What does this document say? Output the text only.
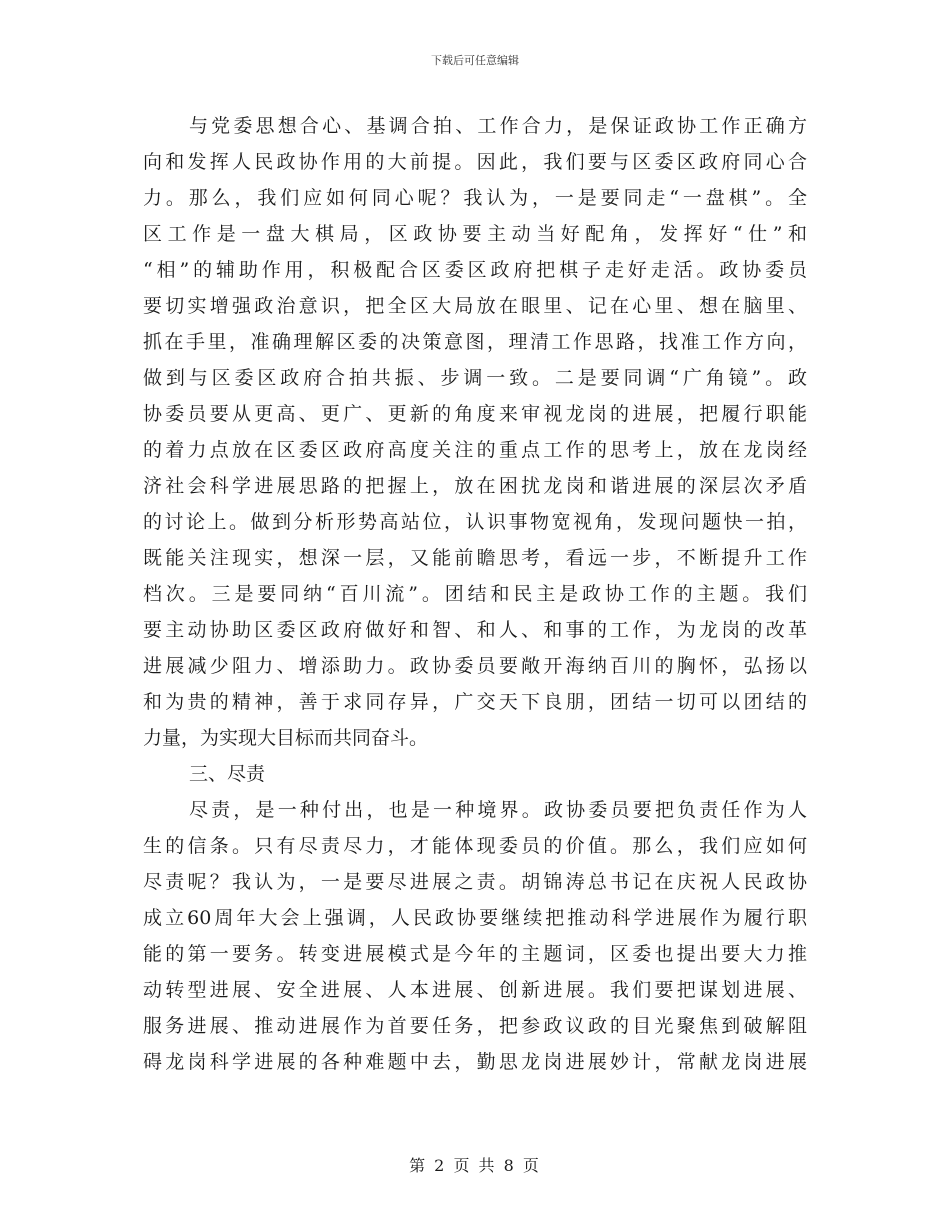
下载后可任意编辑
与党委思想合心、基调合拍、工作合力，是保证政协工作正确方
向和发挥人民政协作用的大前提。因此，我们要与区委区政府同心合
力。那么，我们应如何同心呢？我认为，一是要同走“一盘棋”。全
区工作是一盘大棋局，区政协要主动当好配角，发挥好“仕”和
“相”的辅助作用，积极配合区委区政府把棋子走好走活。政协委员
要切实增强政治意识，把全区大局放在眼里、记在心里、想在脑里、
抓在手里，准确理解区委的决策意图，理清工作思路，找准工作方向，
做到与区委区政府合拍共振、步调一致。二是要同调“广角镜”。政
协委员要从更高、更广、更新的角度来审视龙岗的进展，把履行职能
的着力点放在区委区政府高度关注的重点工作的思考上，放在龙岗经
济社会科学进展思路的把握上，放在困扰龙岗和谐进展的深层次矛盾
的讨论上。做到分析形势高站位，认识事物宽视角，发现问题快一拍，
既能关注现实，想深一层，又能前瞻思考，看远一步，不断提升工作
档次。三是要同纳“百川流”。团结和民主是政协工作的主题。我们
要主动协助区委区政府做好和智、和人、和事的工作，为龙岗的改革
进展减少阻力、增添助力。政协委员要敞开海纳百川的胸怀，弘扬以
和为贵的精神，善于求同存异，广交天下良朋，团结一切可以团结的
力量，为实现大目标而共同奋斗。
三、尽责
尽责，是一种付出，也是一种境界。政协委员要把负责任作为人
生的信条。只有尽责尽力，才能体现委员的价值。那么，我们应如何
尽责呢？我认为，一是要尽进展之责。胡锦涛总书记在庆祝人民政协
成立60周年大会上强调，人民政协要继续把推动科学进展作为履行职
能的第一要务。转变进展模式是今年的主题词，区委也提出要大力推
动转型进展、安全进展、人本进展、创新进展。我们要把谋划进展、
服务进展、推动进展作为首要任务，把参政议政的目光聚焦到破解阻
碍龙岗科学进展的各种难题中去，勤思龙岗进展妙计，常献龙岗进展
第 2 页 共 8 页
